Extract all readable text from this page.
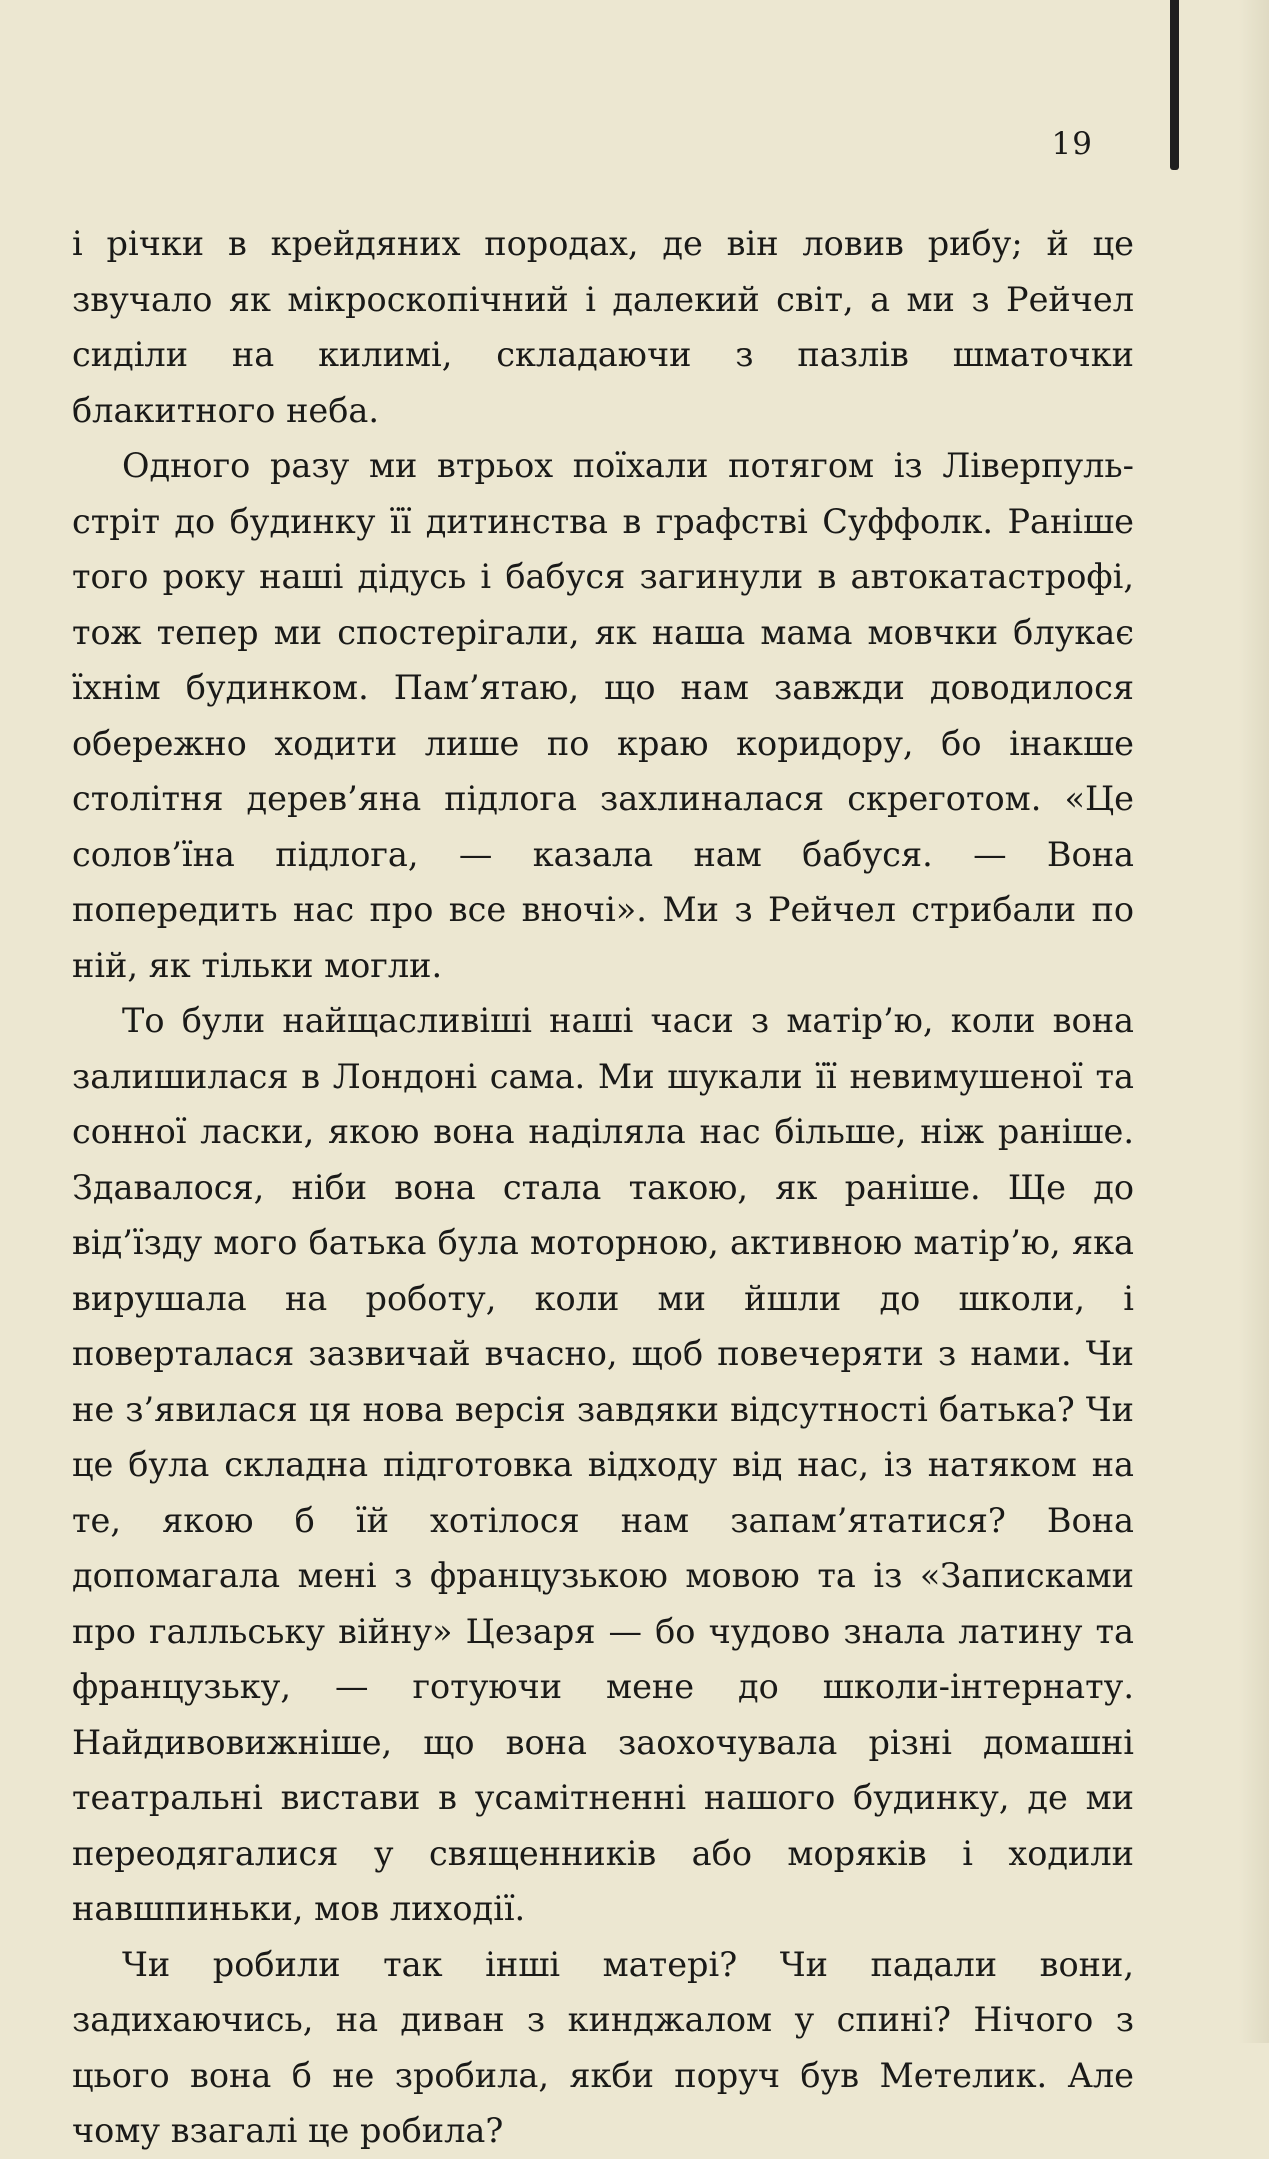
19

і річки в крейдяних породах, де він ловив рибу; й це звучало як мікроскопічний і далекий світ, а ми з Рейчел сиділи на килимі, складаючи з пазлів шматочки блакитного неба.

Одного разу ми втрьох поїхали потягом із Ліверпуль-стріт до будинку її дитинства в графстві Суффолк. Раніше того року наші дідусь і бабуся загинули в автокатастрофі, тож тепер ми спостерігали, як наша мама мовчки блукає їхнім будинком. Пам’ятаю, що нам завжди доводилося обережно ходити лише по краю коридору, бо інакше столітня дерев’яна підлога захлиналася скреготом. «Це солов’їна підлога, — казала нам бабуся. — Вона попередить нас про все вночі». Ми з Рейчел стрибали по ній, як тільки могли.

То були найщасливіші наші часи з матір’ю, коли вона залишилася в Лондоні сама. Ми шукали її невимушеної та сонної ласки, якою вона наділяла нас більше, ніж раніше. Здавалося, ніби вона стала такою, як раніше. Ще до від’їзду мого батька була моторною, активною матір’ю, яка вирушала на роботу, коли ми йшли до школи, і поверталася зазвичай вчасно, щоб повечеряти з нами. Чи не з’явилася ця нова версія завдяки відсутності батька? Чи це була складна підготовка відходу від нас, із натяком на те, якою б їй хотілося нам запам’ятатися? Вона допомагала мені з французькою мовою та із «Записками про галльську війну» Цезаря — бо чудово знала латину та французьку, — готуючи мене до школи-інтернату. Найдивовижніше, що вона заохочувала різні домашні театральні вистави в усамітненні нашого будинку, де ми переодягалися у священників або моряків і ходили навшпиньки, мов лиходії.

Чи робили так інші матері? Чи падали вони, задихаючись, на диван з кинджалом у спині? Нічого з цього вона б не зробила, якби поруч був Метелик. Але чому взагалі це робила?
